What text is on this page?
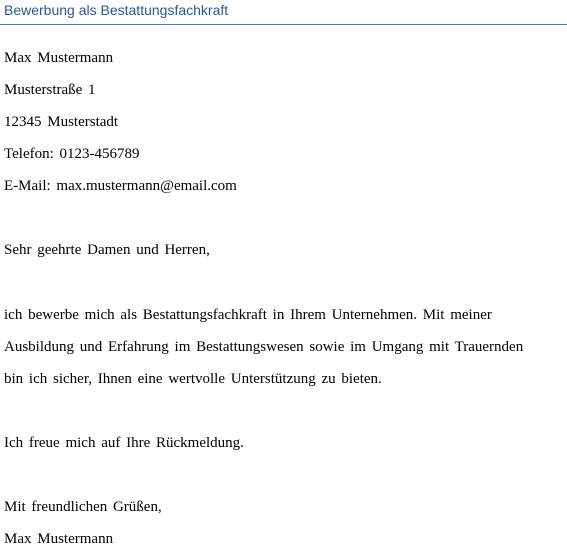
Bewerbung als Bestattungsfachkraft
Max Mustermann
Musterstraße 1
12345 Musterstadt
Telefon: 0123-456789
E-Mail: max.mustermann@email.com
Sehr geehrte Damen und Herren,
ich bewerbe mich als Bestattungsfachkraft in Ihrem Unternehmen. Mit meiner
Ausbildung und Erfahrung im Bestattungswesen sowie im Umgang mit Trauernden
bin ich sicher, Ihnen eine wertvolle Unterstützung zu bieten.
Ich freue mich auf Ihre Rückmeldung.
Mit freundlichen Grüßen,
Max Mustermann
